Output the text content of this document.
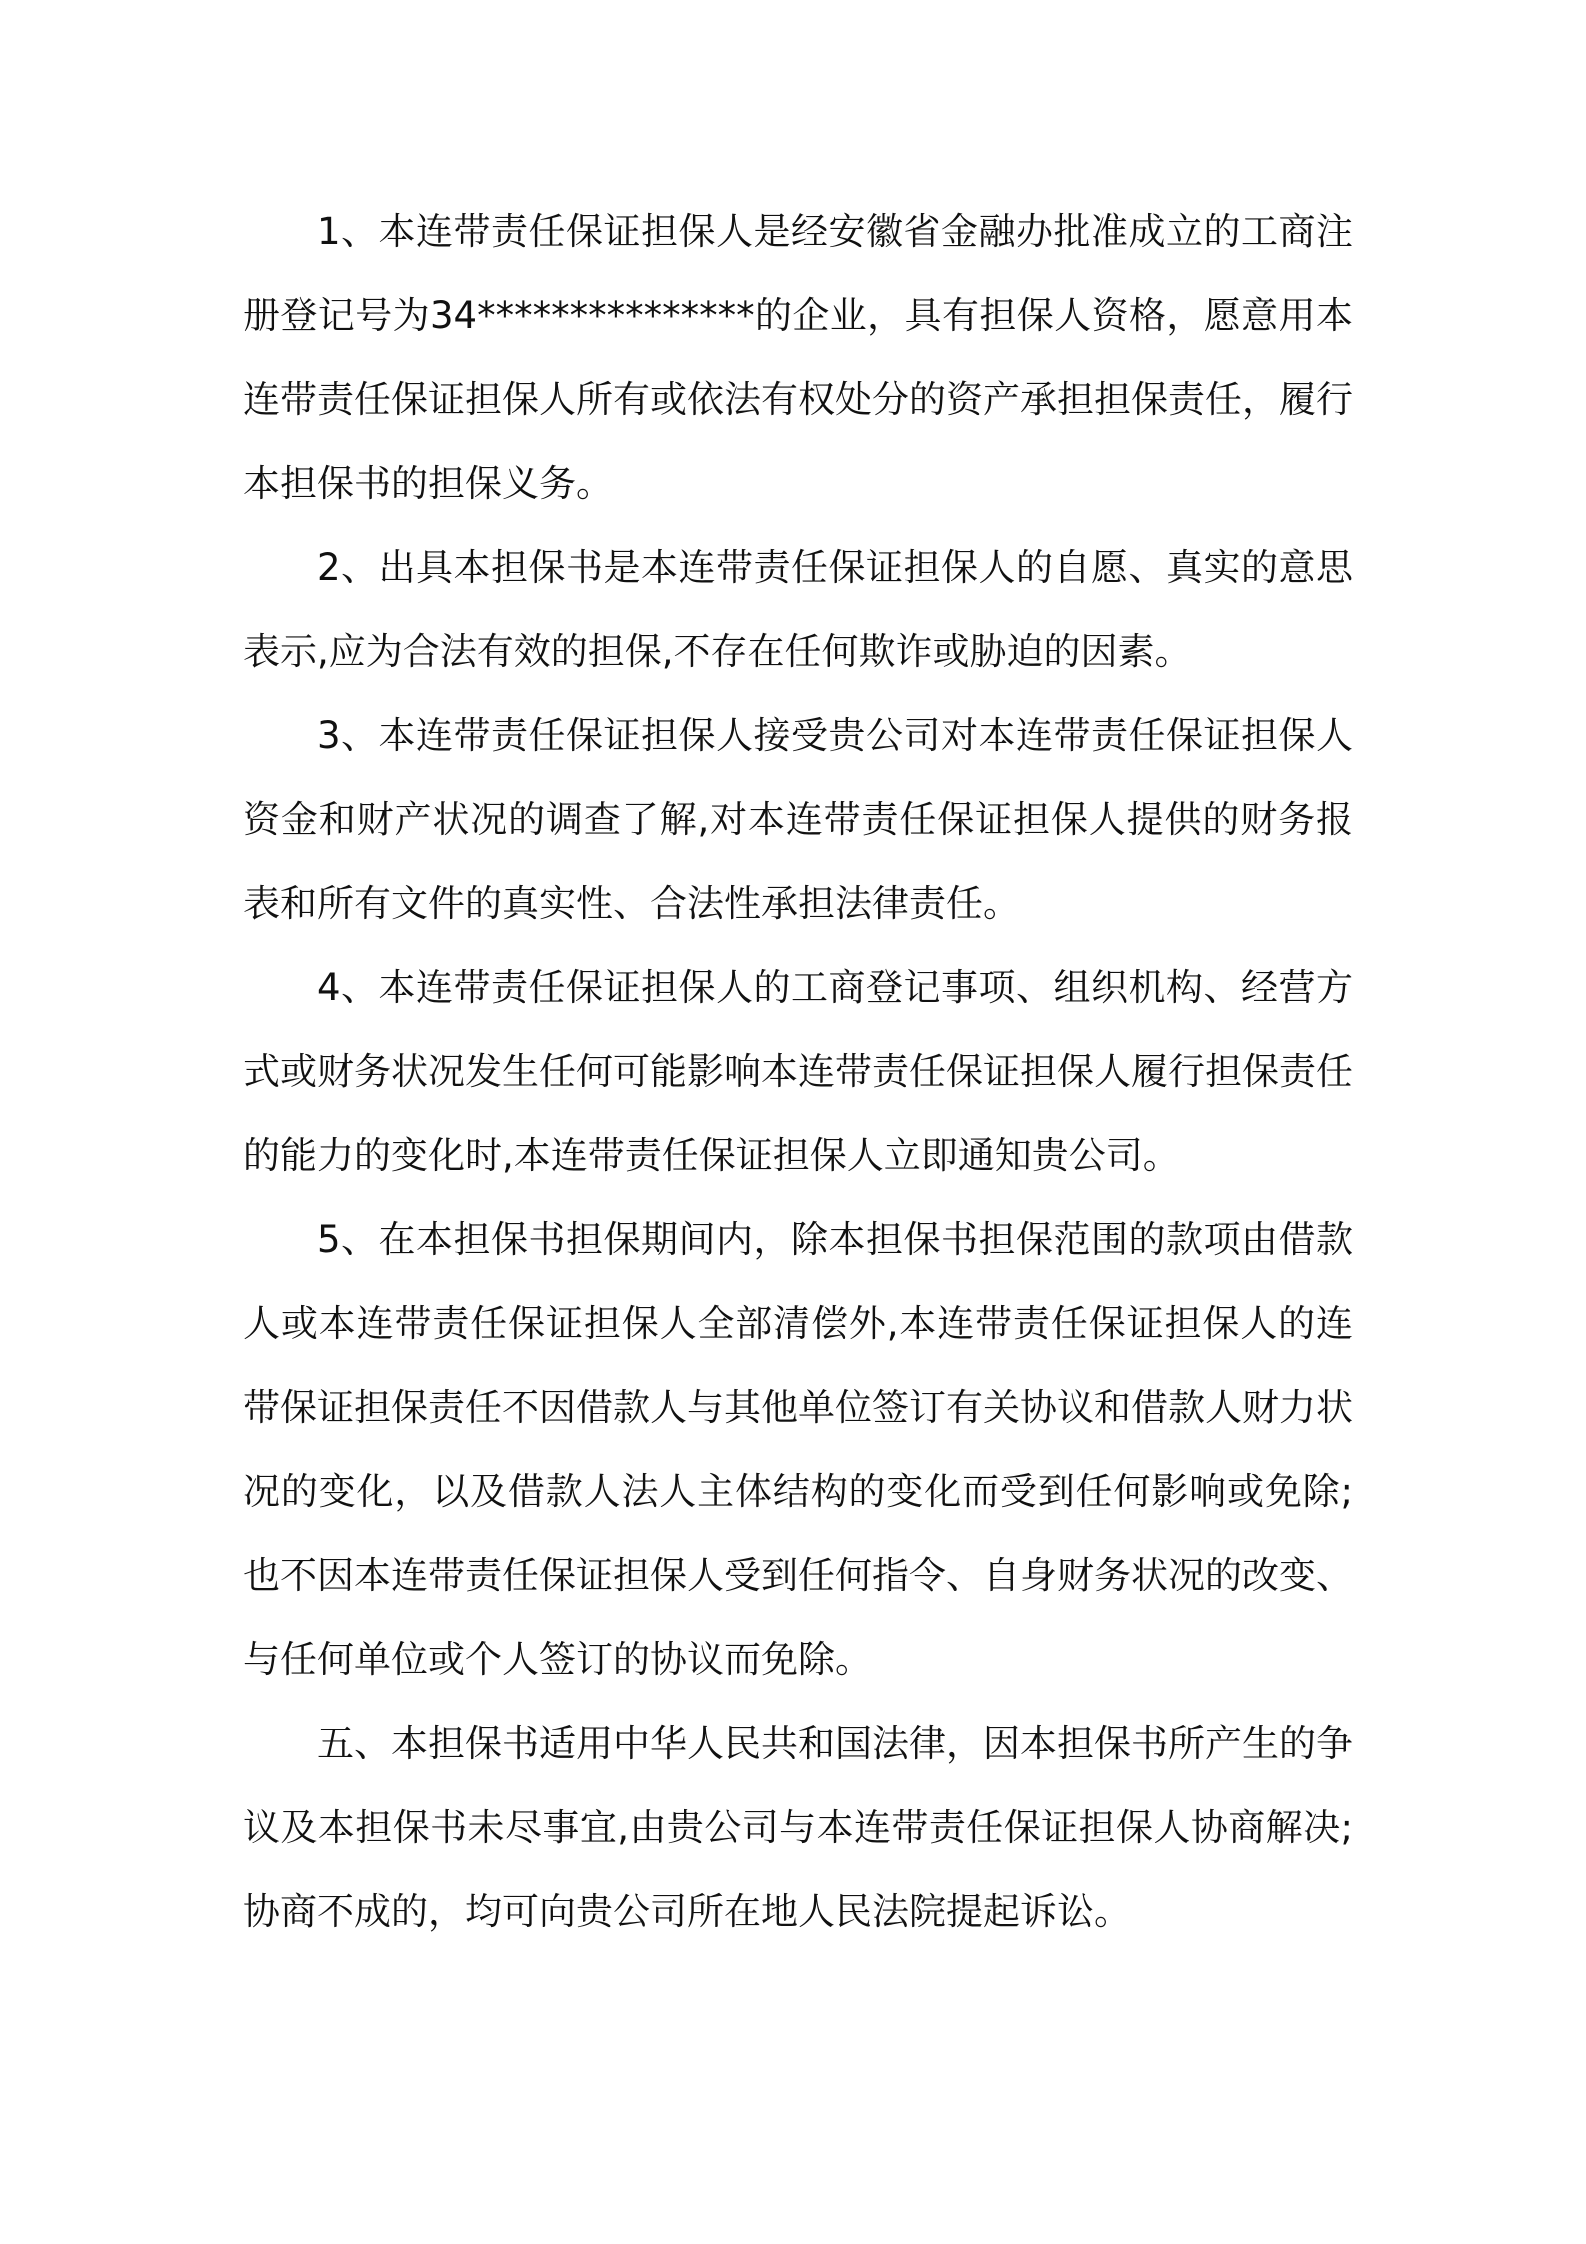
1、本连带责任保证担保人是经安徽省金融办批准成立的工商注册登记号为34***************的企业，具有担保人资格，愿意用本连带责任保证担保人所有或依法有权处分的资产承担担保责任，履行本担保书的担保义务。

2、出具本担保书是本连带责任保证担保人的自愿、真实的意思表示,应为合法有效的担保,不存在任何欺诈或胁迫的因素。

3、本连带责任保证担保人接受贵公司对本连带责任保证担保人资金和财产状况的调查了解,对本连带责任保证担保人提供的财务报表和所有文件的真实性、合法性承担法律责任。

4、本连带责任保证担保人的工商登记事项、组织机构、经营方式或财务状况发生任何可能影响本连带责任保证担保人履行担保责任的能力的变化时,本连带责任保证担保人立即通知贵公司。

5、在本担保书担保期间内，除本担保书担保范围的款项由借款人或本连带责任保证担保人全部清偿外,本连带责任保证担保人的连带保证担保责任不因借款人与其他单位签订有关协议和借款人财力状况的变化，以及借款人法人主体结构的变化而受到任何影响或免除;也不因本连带责任保证担保人受到任何指令、自身财务状况的改变、与任何单位或个人签订的协议而免除。

五、本担保书适用中华人民共和国法律，因本担保书所产生的争议及本担保书未尽事宜,由贵公司与本连带责任保证担保人协商解决;协商不成的，均可向贵公司所在地人民法院提起诉讼。
